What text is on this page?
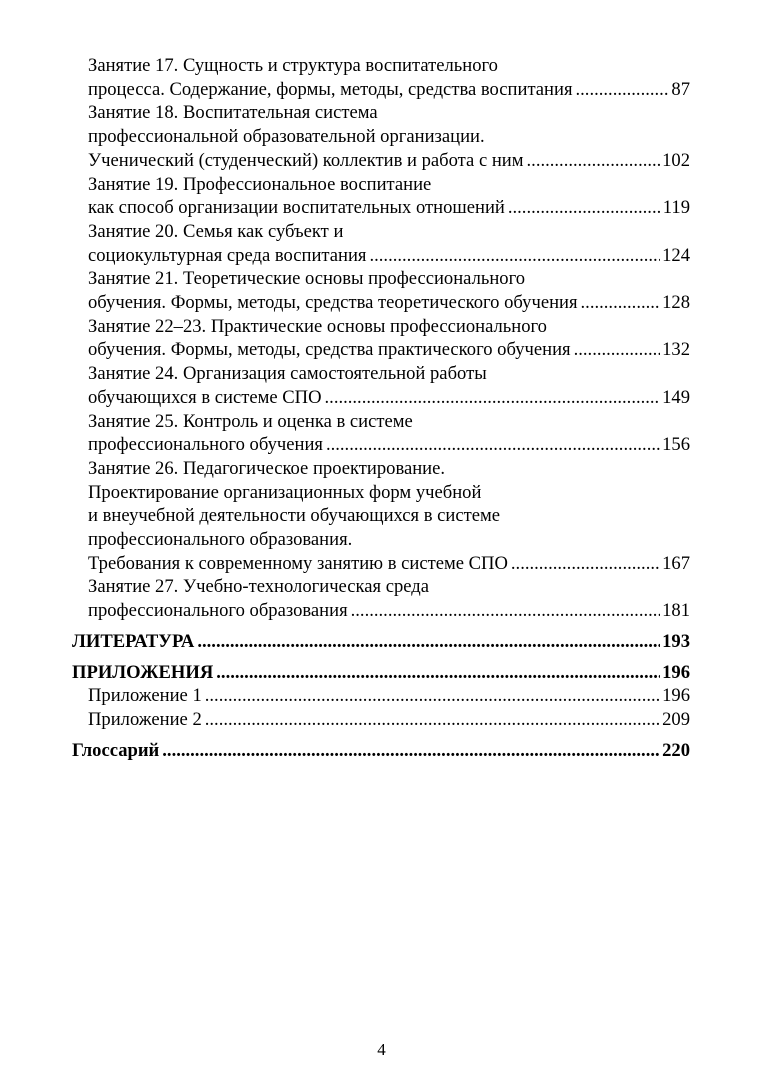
Занятие 17. Сущность и структура воспитательного
процесса. Содержание, формы, методы, средства воспитания .....	87
Занятие 18. Воспитательная система
профессиональной образовательной организации.
Ученический (студенческий) коллектив и работа с ним .....	102
Занятие 19. Профессиональное воспитание
как способ организации воспитательных отношений .....	119
Занятие 20. Семья как субъект и
социокультурная среда воспитания .....	124
Занятие 21. Теоретические основы профессионального
обучения. Формы, методы, средства теоретического обучения .....	128
Занятие 22–23. Практические основы профессионального
обучения. Формы, методы, средства практического обучения .....	132
Занятие 24. Организация самостоятельной работы
обучающихся в системе СПО .....	149
Занятие 25. Контроль и оценка в системе
профессионального обучения .....	156
Занятие 26. Педагогическое проектирование.
Проектирование организационных форм учебной
и внеучебной деятельности обучающихся в системе
профессионального образования.
Требования к современному занятию в системе СПО .....	167
Занятие 27. Учебно-технологическая среда
профессионального образования .....	181
ЛИТЕРАТУРА .....	193
ПРИЛОЖЕНИЯ .....	196
Приложение 1 .....	196
Приложение 2 .....	209
Глоссарий .....	220
4
